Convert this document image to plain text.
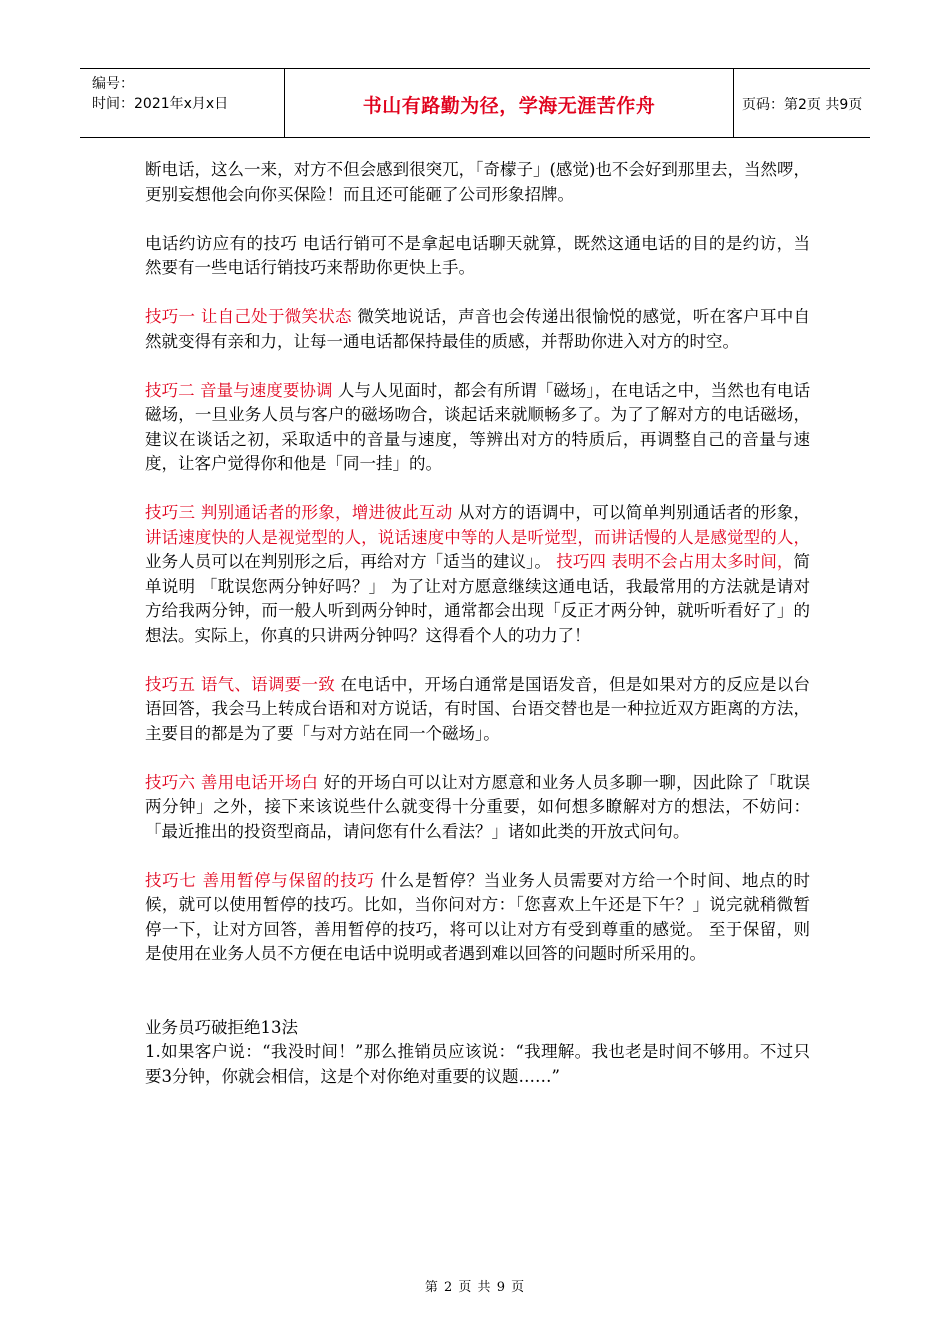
编号：
时间：2021年x月x日	书山有路勤为径，学海无涯苦作舟	页码：第2页 共9页

断电话，这么一来，对方不但会感到很突兀，「奇檬子」(感觉)也不会好到那里去，当然啰，更别妄想他会向你买保险！而且还可能砸了公司形象招牌。

电话约访应有的技巧 电话行销可不是拿起电话聊天就算，既然这通电话的目的是约访，当然要有一些电话行销技巧来帮助你更快上手。

技巧一 让自己处于微笑状态 微笑地说话，声音也会传递出很愉悦的感觉，听在客户耳中自然就变得有亲和力，让每一通电话都保持最佳的质感，并帮助你进入对方的时空。

技巧二 音量与速度要协调 人与人见面时，都会有所谓「磁场」，在电话之中，当然也有电话磁场，一旦业务人员与客户的磁场吻合，谈起话来就顺畅多了。为了了解对方的电话磁场，建议在谈话之初，采取适中的音量与速度，等辨出对方的特质后，再调整自己的音量与速度，让客户觉得你和他是「同一挂」的。

技巧三 判别通话者的形象，增进彼此互动 从对方的语调中，可以简单判别通话者的形象，讲话速度快的人是视觉型的人，说话速度中等的人是听觉型，而讲话慢的人是感觉型的人，业务人员可以在判别形之后，再给对方「适当的建议」。 技巧四 表明不会占用太多时间，简单说明 「耽误您两分钟好吗？」 为了让对方愿意继续这通电话，我最常用的方法就是请对方给我两分钟，而一般人听到两分钟时，通常都会出现「反正才两分钟，就听听看好了」的想法。实际上，你真的只讲两分钟吗？这得看个人的功力了！

技巧五 语气、语调要一致 在电话中，开场白通常是国语发音，但是如果对方的反应是以台语回答，我会马上转成台语和对方说话，有时国、台语交替也是一种拉近双方距离的方法，主要目的都是为了要「与对方站在同一个磁场」。

技巧六 善用电话开场白 好的开场白可以让对方愿意和业务人员多聊一聊，因此除了「耽误两分钟」之外，接下来该说些什么就变得十分重要，如何想多瞭解对方的想法，不妨问：「最近推出的投资型商品，请问您有什么看法？」诸如此类的开放式问句。

技巧七 善用暂停与保留的技巧 什么是暂停？当业务人员需要对方给一个时间、地点的时候，就可以使用暂停的技巧。比如，当你问对方：「您喜欢上午还是下午？」说完就稍微暂停一下，让对方回答，善用暂停的技巧，将可以让对方有受到尊重的感觉。 至于保留，则是使用在业务人员不方便在电话中说明或者遇到难以回答的问题时所采用的。

业务员巧破拒绝13法

1.如果客户说：“我没时间！”那么推销员应该说：“我理解。我也老是时间不够用。不过只要3分钟，你就会相信，这是个对你绝对重要的议题……”

第 2 页 共 9 页
